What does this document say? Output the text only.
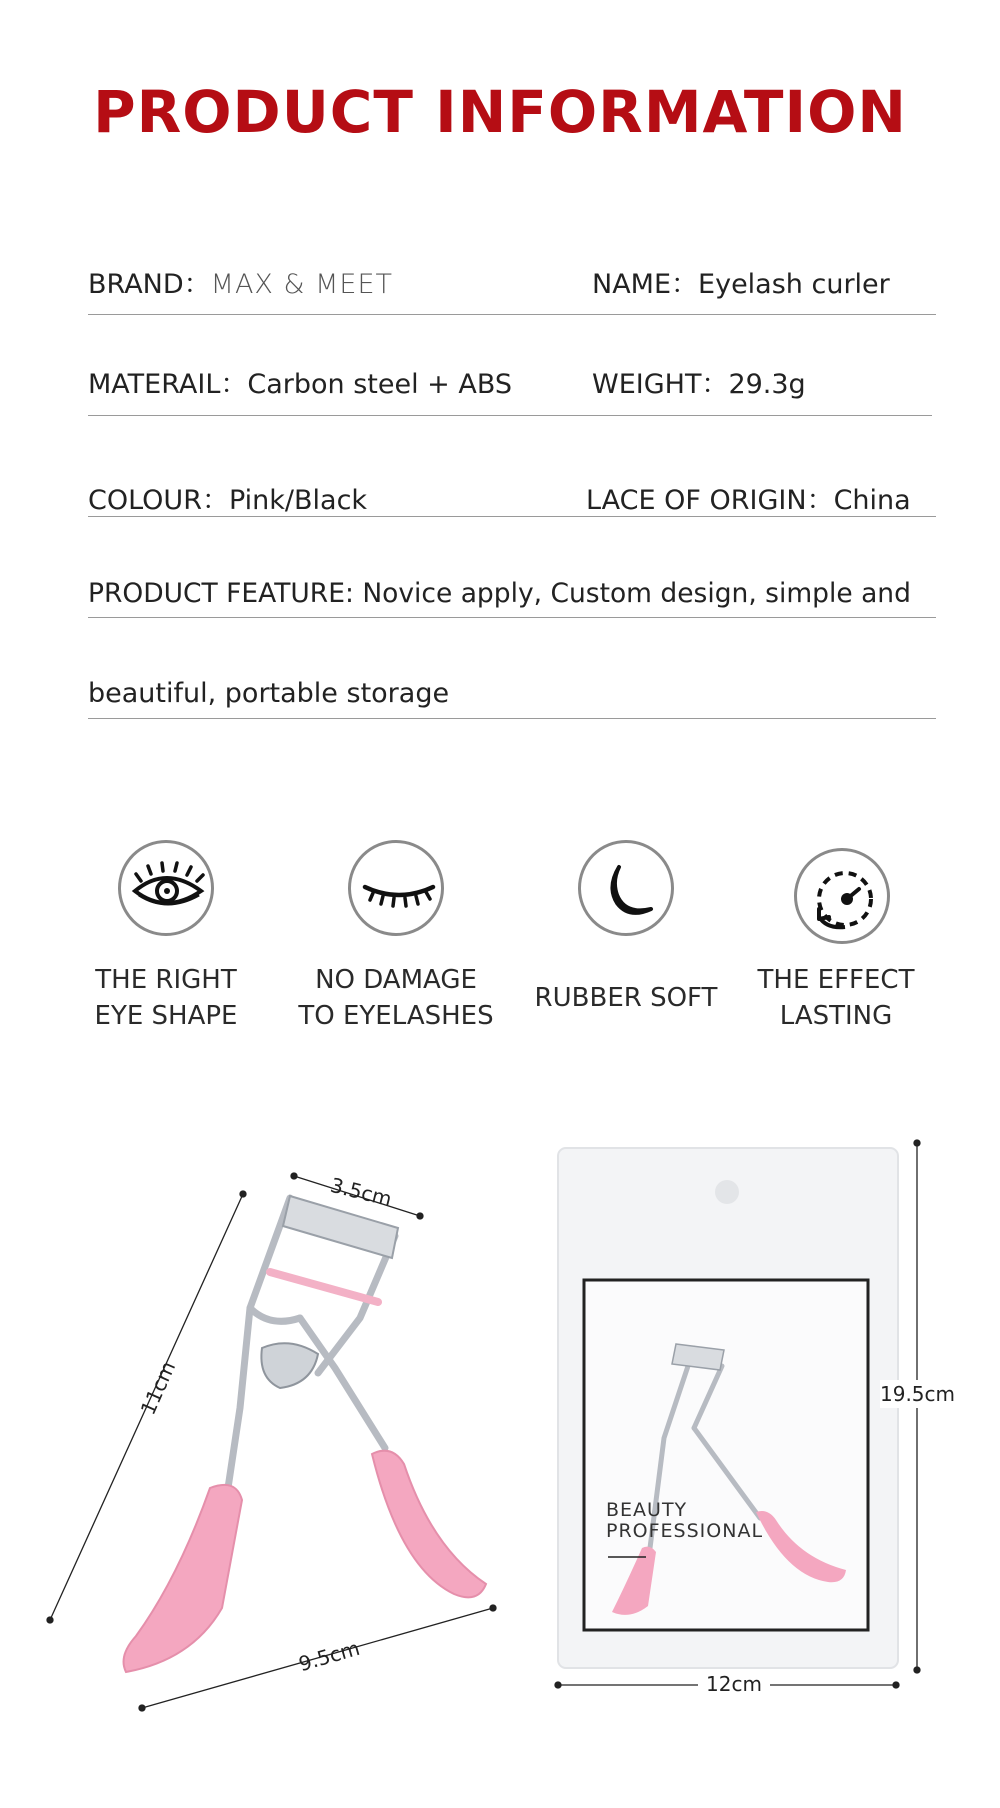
PRODUCT INFORMATION
BRAND：MAX & MEET	NAME：Eyelash curler
MATERAIL：Carbon steel + ABS	WEIGHT：29.3g
COLOUR：Pink/Black	LACE OF ORIGIN：China
PRODUCT FEATURE: Novice apply, Custom design, simple and
beautiful, portable storage
THE RIGHT
EYE SHAPE
NO DAMAGE
TO EYELASHES
RUBBER SOFT
THE EFFECT
LASTING
3.5cm
11cm
9.5cm
19.5cm
12cm
BEAUTY
PROFESSIONAL
